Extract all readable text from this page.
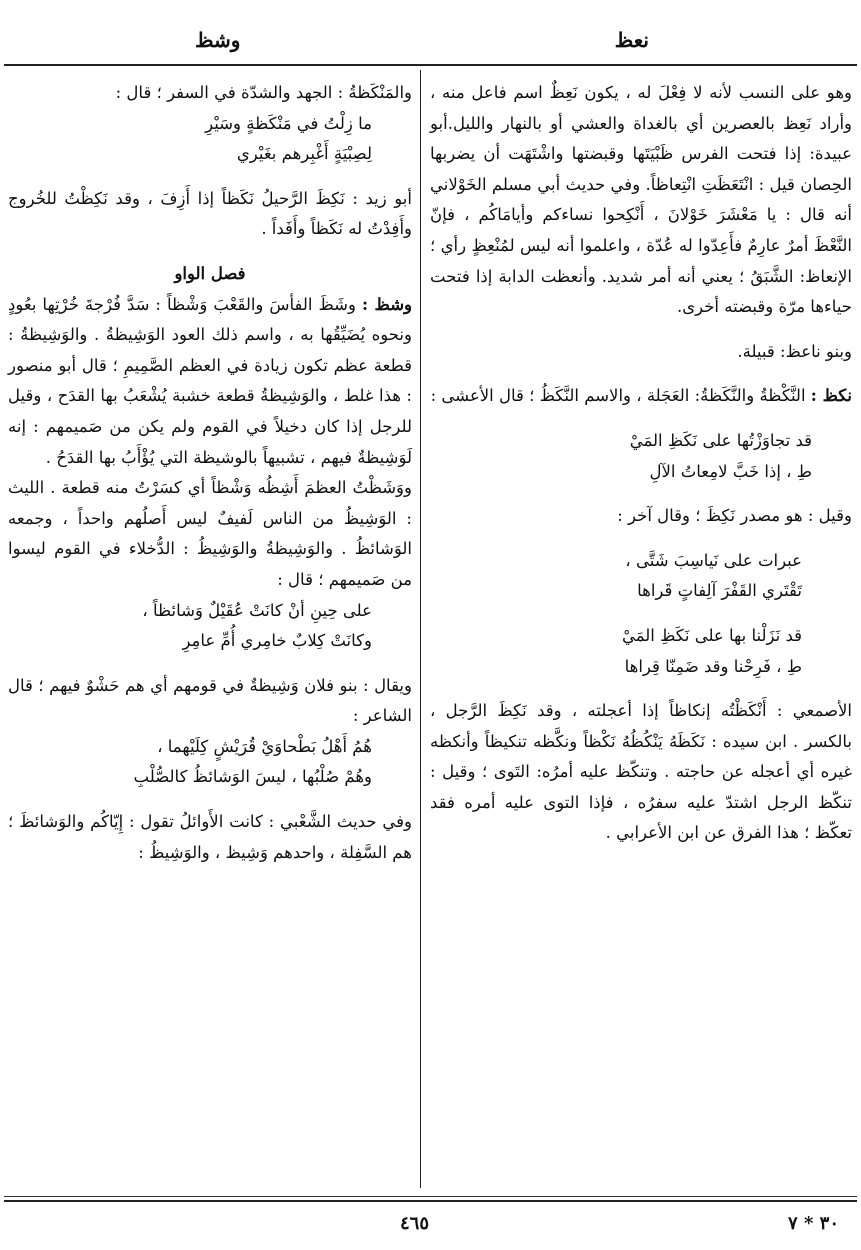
نعظ
وشظ

وهو على النسب لأنه لا فِعْلَ له ، يكون نَعِظٌ اسم فاعل منه ، وأراد نَعِظ بالعصرين أي بالغداة والعشي أو بالنهار والليل.أبو عبيدة: إذا فتحت الفرس ظَبْيَتَها وقبضتها واشْتَهَت أن يضربها الحِصان قيل : انْتَعَظَتِ انْتِعاظاً. وفي حديث أبي مسلم الخَوْلاني أنه قال : يا مَعْشَرَ خَوْلانَ ، أَنْكِحوا نساءكم وأيامَاكُم ، فإنّ النَّعْظَ أمرٌ عارِمٌ فأَعِدّوا له عُدّة ، واعلموا أنه ليس لمُنْعِظٍ رأي ؛ الإنعاظ: الشَّبَقُ ؛ يعني أنه أمر شديد. وأنعظت الدابة إذا فتحت حياءها مرّة وقبضته أخرى.

وبنو ناعظ: قبيلة.

نكظ : النَّكْظةُ والنَّكَظةُ: العَجَلة ، والاسم النَّكَظُ ؛ قال الأعشى :

قد تجاوَزْتُها على نَكَظِ المَيْ

طِ ، إذا خَبَّ لامِعاتُ الآلِ

وقيل : هو مصدر نَكِظَ ؛ وقال آخر :

عبرات على نَياسِبَ شَتَّى ،

تَقْتَري القَفْرَ آلِفاتٍ قَراها

قد نَزَلْنا بها على نَكَظِ المَيْ

طِ ، فَرِحْنا وقد ضَمِنّا قِراها

الأصمعي : أَنْكَظْتُه إنكاظاً إذا أعجلته ، وقد نَكِظَ الرَّجل ، بالكسر . ابن سيده : نَكَظَهُ يَنْكُظُهُ نَكْظاً ونكَّظه تنكيظاً وأنكظه غيره أي أعجله عن حاجته . وتنكّظ عليه أمرُه: التَوى ؛ وقيل : تنكّظ الرجل اشتدّ عليه سفرُه ، فإذا التوى عليه أمره فقد تعكّظ ؛ هذا الفرق عن ابن الأعرابي .

والمَنْكَظةُ : الجهد والشدّة في السفر ؛ قال :

ما زِلْتُ في مَنْكَظةٍ وسَيْرِ

لِصِبْيَةٍ أَغْبِرهم بغَيْري

أبو زيد : نَكِظَ الرَّحيلُ نَكَظاً إذا أَزِفَ ، وقد نَكِظْتُ للخُروج وأَفِدْتُ له نَكَظاً وأَفَداً .

فصل الواو

وشظ : وشَظَ الفأسَ والقَعْبَ وَشْظاً : سَدَّ فُرْجةَ خُرْتِها بعُودٍ ونحوه يُضَيِّقُها به ، واسم ذلك العود الوَشِيظةُ . والوَشِيظةُ : قطعة عظم تكون زيادة في العظم الصَّمِيمِ ؛ قال أبو منصور : هذا غلط ، والوَشِيظةُ قطعة خشبة يُشْعَبُ بها القدَح ، وقيل للرجل إذا كان دخيلاً في القوم ولم يكن من صَميمهم : إنه لَوَشِيظةٌ فيهم ، تشبيهاً بالوشيظة التي يُؤْأَبُ بها القدَحُ .

ووَشَظْتُ العظمَ أَشِظُه وَشْظاً أي كسَرْتُ منه قطعة . الليث : الوَشِيظُ من الناس لَفيفٌ ليس أَصلُهم واحداً ، وجمعه الوَشائظُ . والوَشِيظةُ والوَشِيظُ : الدُّخلاء في القوم ليسوا من صَميمهم ؛ قال :

على حِينِ أنْ كانَتْ عُقَيْلٌ وَشائظاً ،

وكانَتْ كِلابٌ خامِري أُمِّ عامِرِ

ويقال : بنو فلان وَشِيظةٌ في قومهم أي هم حَشْوٌ فيهم ؛ قال الشاعر :

هُمُ أَهْلُ بَطْحاوَيْ قُرَيْشٍ كِلَيْهما ،

وهُمْ صُلْبُها ، ليسَ الوَشائظُ كالصُّلْبِ

وفي حديث الشَّعْبي : كانت الأَوائلُ تقول : إِيّاكُم والوَشائظَ ؛ هم السَّفِلة ، واحدهم وَشِيظ ، والوَشِيظُ :

٤٦٥	٣٠ * ٧
